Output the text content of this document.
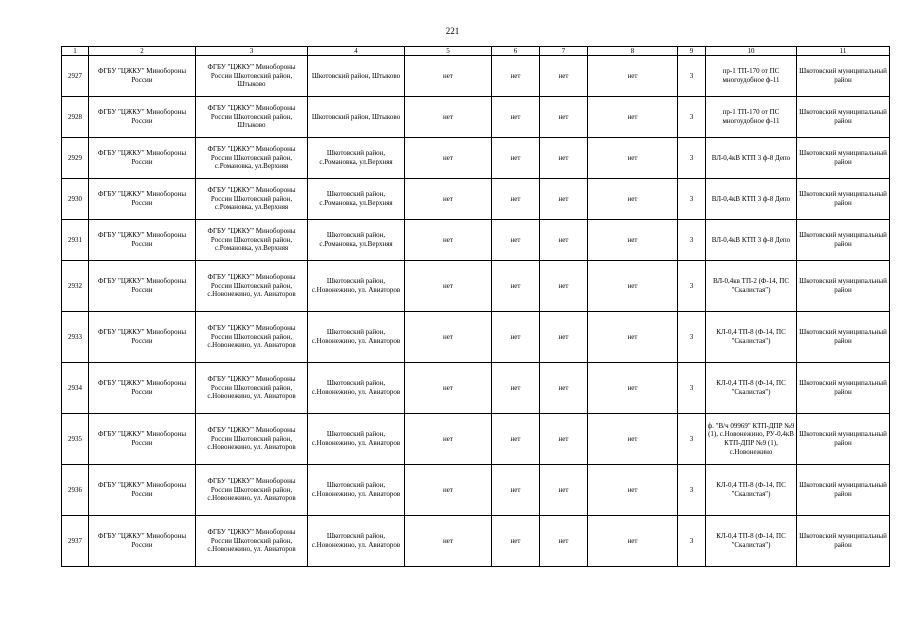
221
1	2	3	4	5	6	7	8	9	10	11
2927	ФГБУ "ЦЖКУ" Минобороны России	ФГБУ "ЦЖКУ" Минобороны России Шкотовский район, Штыково	Шкотовский район, Штыково	нет	нет	нет	нет	3	пр-1 ТП-170 от ПС многоудобное ф-11	Шкотовский муниципальный район
2928	ФГБУ "ЦЖКУ" Минобороны России	ФГБУ "ЦЖКУ" Минобороны России Шкотовский район, Штыково	Шкотовский район, Штыково	нет	нет	нет	нет	3	пр-1 ТП-170 от ПС многоудобное ф-11	Шкотовский муниципальный район
2929	ФГБУ "ЦЖКУ" Минобороны России	ФГБУ "ЦЖКУ" Минобороны России Шкотовский район, с.Романовка, ул.Верхняя	Шкотовский район, с.Романовка, ул.Верхняя	нет	нет	нет	нет	3	ВЛ-0,4кВ КТП 3 ф-8 Депо	Шкотовский муниципальный район
2930	ФГБУ "ЦЖКУ" Минобороны России	ФГБУ "ЦЖКУ" Минобороны России Шкотовский район, с.Романовка, ул.Верхняя	Шкотовский район, с.Романовка, ул.Верхняя	нет	нет	нет	нет	3	ВЛ-0,4кВ КТП 3 ф-8 Депо	Шкотовский муниципальный район
2931	ФГБУ "ЦЖКУ" Минобороны России	ФГБУ "ЦЖКУ" Минобороны России Шкотовский район, с.Романовка, ул.Верхняя	Шкотовский район, с.Романовка, ул.Верхняя	нет	нет	нет	нет	3	ВЛ-0,4кВ КТП 3 ф-8 Депо	Шкотовский муниципальный район
2932	ФГБУ "ЦЖКУ" Минобороны России	ФГБУ "ЦЖКУ" Минобороны России Шкотовский район, с.Новонежино, ул. Авиаторов	Шкотовский район, с.Новонежино, ул. Авиаторов	нет	нет	нет	нет	3	ВЛ-0,4кв ТП-2 (Ф-14, ПС "Скалистая")	Шкотовский муниципальный район
2933	ФГБУ "ЦЖКУ" Минобороны России	ФГБУ "ЦЖКУ" Минобороны России Шкотовский район, с.Новонежино, ул. Авиаторов	Шкотовский район, с.Новонежино, ул. Авиаторов	нет	нет	нет	нет	3	КЛ-0,4 ТП-8 (Ф-14, ПС "Скалистая")	Шкотовский муниципальный район
2934	ФГБУ "ЦЖКУ" Минобороны России	ФГБУ "ЦЖКУ" Минобороны России Шкотовский район, с.Новонежино, ул. Авиаторов	Шкотовский район, с.Новонежино, ул. Авиаторов	нет	нет	нет	нет	3	КЛ-0,4 ТП-8 (Ф-14, ПС "Скалистая")	Шкотовский муниципальный район
2935	ФГБУ "ЦЖКУ" Минобороны России	ФГБУ "ЦЖКУ" Минобороны России Шкотовский район, с.Новонежино, ул. Авиаторов	Шкотовский район, с.Новонежино, ул. Авиаторов	нет	нет	нет	нет	3	ф. "В/ч 09969" КТП-ДПР №9 (1), с.Новонежино, РУ-0,4кВ КТП-ДПР №9 (1), с.Новонежино	Шкотовский муниципальный район
2936	ФГБУ "ЦЖКУ" Минобороны России	ФГБУ "ЦЖКУ" Минобороны России Шкотовский район, с.Новонежино, ул. Авиаторов	Шкотовский район, с.Новонежино, ул. Авиаторов	нет	нет	нет	нет	3	КЛ-0,4 ТП-8 (Ф-14, ПС "Скалистая")	Шкотовский муниципальный район
2937	ФГБУ "ЦЖКУ" Минобороны России	ФГБУ "ЦЖКУ" Минобороны России Шкотовский район, с.Новонежино, ул. Авиаторов	Шкотовский район, с.Новонежино, ул. Авиаторов	нет	нет	нет	нет	3	КЛ-0,4 ТП-8 (Ф-14, ПС "Скалистая")	Шкотовский муниципальный район
